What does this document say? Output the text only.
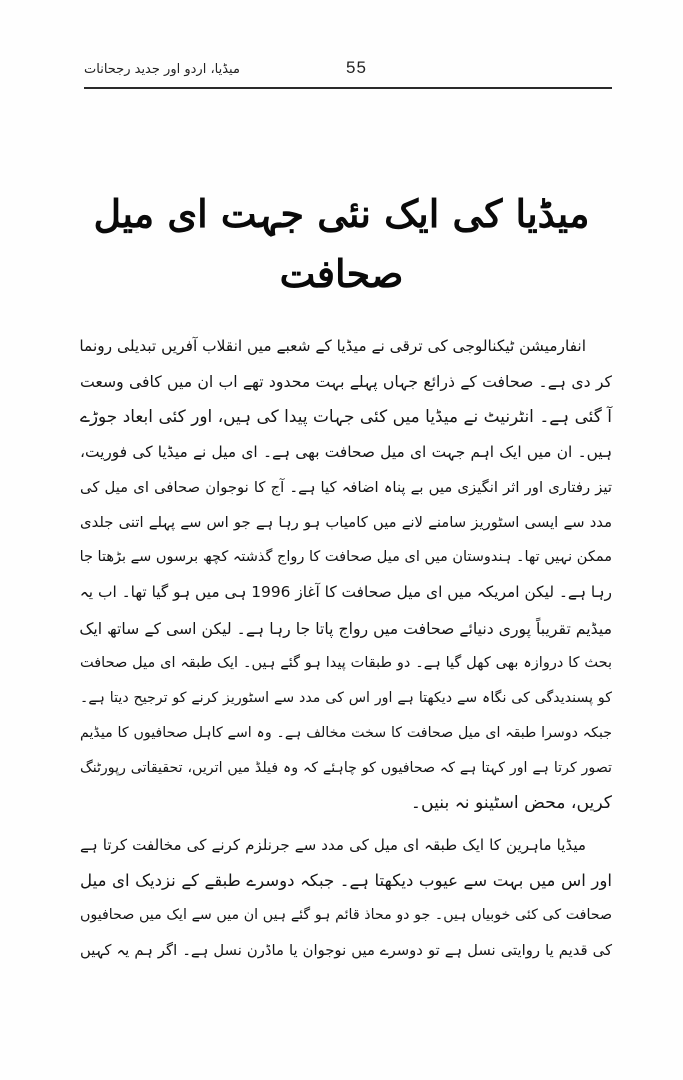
میڈیا، اردو اور جدید رجحانات	55
میڈیا کی ایک نئی جہت ای میل صحافت
انفارمیشن ٹیکنالوجی کی ترقی نے میڈیا کے شعبے میں انقلاب آفریں تبدیلی رونما
کر دی ہے۔ صحافت کے ذرائع جہاں پہلے بہت محدود تھے اب ان میں کافی وسعت
آ گئی ہے۔ انٹرنیٹ نے میڈیا میں کئی جہات پیدا کی ہیں، اور کئی ابعاد جوڑے
ہیں۔ ان میں ایک اہم جہت ای میل صحافت بھی ہے۔ ای میل نے میڈیا کی فوریت،
تیز رفتاری اور اثر انگیزی میں بے پناہ اضافہ کیا ہے۔ آج کا نوجوان صحافی ای میل کی
مدد سے ایسی اسٹوریز سامنے لانے میں کامیاب ہو رہا ہے جو اس سے پہلے اتنی جلدی
ممکن نہیں تھا۔ ہندوستان میں ای میل صحافت کا رواج گذشتہ کچھ برسوں سے بڑھتا جا
رہا ہے۔ لیکن امریکہ میں ای میل صحافت کا آغاز 1996 ہی میں ہو گیا تھا۔ اب یہ
میڈیم تقریباً پوری دنیائے صحافت میں رواج پاتا جا رہا ہے۔ لیکن اسی کے ساتھ ایک
بحث کا دروازہ بھی کھل گیا ہے۔ دو طبقات پیدا ہو گئے ہیں۔ ایک طبقہ ای میل صحافت
کو پسندیدگی کی نگاہ سے دیکھتا ہے اور اس کی مدد سے اسٹوریز کرنے کو ترجیح دیتا ہے۔
جبکہ دوسرا طبقہ ای میل صحافت کا سخت مخالف ہے۔ وہ اسے کاہل صحافیوں کا میڈیم
تصور کرتا ہے اور کہتا ہے کہ صحافیوں کو چاہئے کہ وہ فیلڈ میں اتریں، تحقیقاتی رپورٹنگ
کریں، محض اسٹینو نہ بنیں۔
میڈیا ماہرین کا ایک طبقہ ای میل کی مدد سے جرنلزم کرنے کی مخالفت کرتا ہے
اور اس میں بہت سے عیوب دیکھتا ہے۔ جبکہ دوسرے طبقے کے نزدیک ای میل
صحافت کی کئی خوبیاں ہیں۔ جو دو محاذ قائم ہو گئے ہیں ان میں سے ایک میں صحافیوں
کی قدیم یا روایتی نسل ہے تو دوسرے میں نوجوان یا ماڈرن نسل ہے۔ اگر ہم یہ کہیں
